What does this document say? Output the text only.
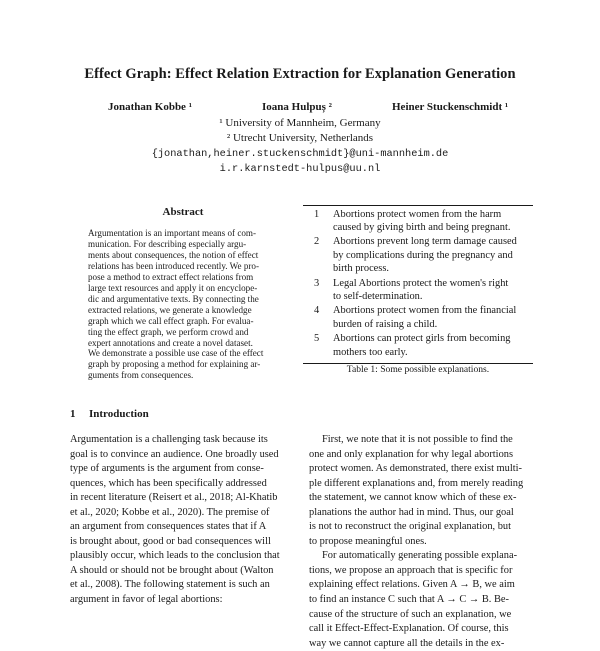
Effect Graph: Effect Relation Extraction for Explanation Generation
Jonathan Kobbe ¹	Ioana Hulpuș ²	Heiner Stuckenschmidt ¹
¹ University of Mannheim, Germany
² Utrecht University, Netherlands
{jonathan,heiner.stuckenschmidt}@uni-mannheim.de
i.r.karnstedt-hulpus@uu.nl
Abstract
Argumentation is an important means of com-
munication. For describing especially argu-
ments about consequences, the notion of effect
relations has been introduced recently. We pro-
pose a method to extract effect relations from
large text resources and apply it on encyclope-
dic and argumentative texts. By connecting the
extracted relations, we generate a knowledge
graph which we call effect graph. For evalua-
ting the effect graph, we perform crowd and
expert annotations and create a novel dataset.
We demonstrate a possible use case of the effect
graph by proposing a method for explaining ar-
guments from consequences.
1 Introduction
Argumentation is a challenging task because its
goal is to convince an audience. One broadly used
type of arguments is the argument from conse-
quences, which has been specifically addressed
in recent literature (Reisert et al., 2018; Al-Khatib
et al., 2020; Kobbe et al., 2020). The premise of
an argument from consequences states that if A
is brought about, good or bad consequences will
plausibly occur, which leads to the conclusion that
A should or should not be brought about (Walton
et al., 2008). The following statement is such an
argument in favor of legal abortions:
1	Abortions protect women from the harm
caused by giving birth and being pregnant.
2	Abortions prevent long term damage caused
by complications during the pregnancy and
birth process.
3	Legal Abortions protect the women's right
to self-determination.
4	Abortions protect women from the financial
burden of raising a child.
5	Abortions can protect girls from becoming
mothers too early.
Table 1: Some possible explanations.
First, we note that it is not possible to find the
one and only explanation for why legal abortions
protect women. As demonstrated, there exist multi-
ple different explanations and, from merely reading
the statement, we cannot know which of these ex-
planations the author had in mind. Thus, our goal
is not to reconstruct the original explanation, but
to propose meaningful ones.
For automatically generating possible explana-
tions, we propose an approach that is specific for
explaining effect relations. Given A → B, we aim
to find an instance C such that A → C → B. Be-
cause of the structure of such an explanation, we
call it Effect-Effect-Explanation. Of course, this
way we cannot capture all the details in the ex-
